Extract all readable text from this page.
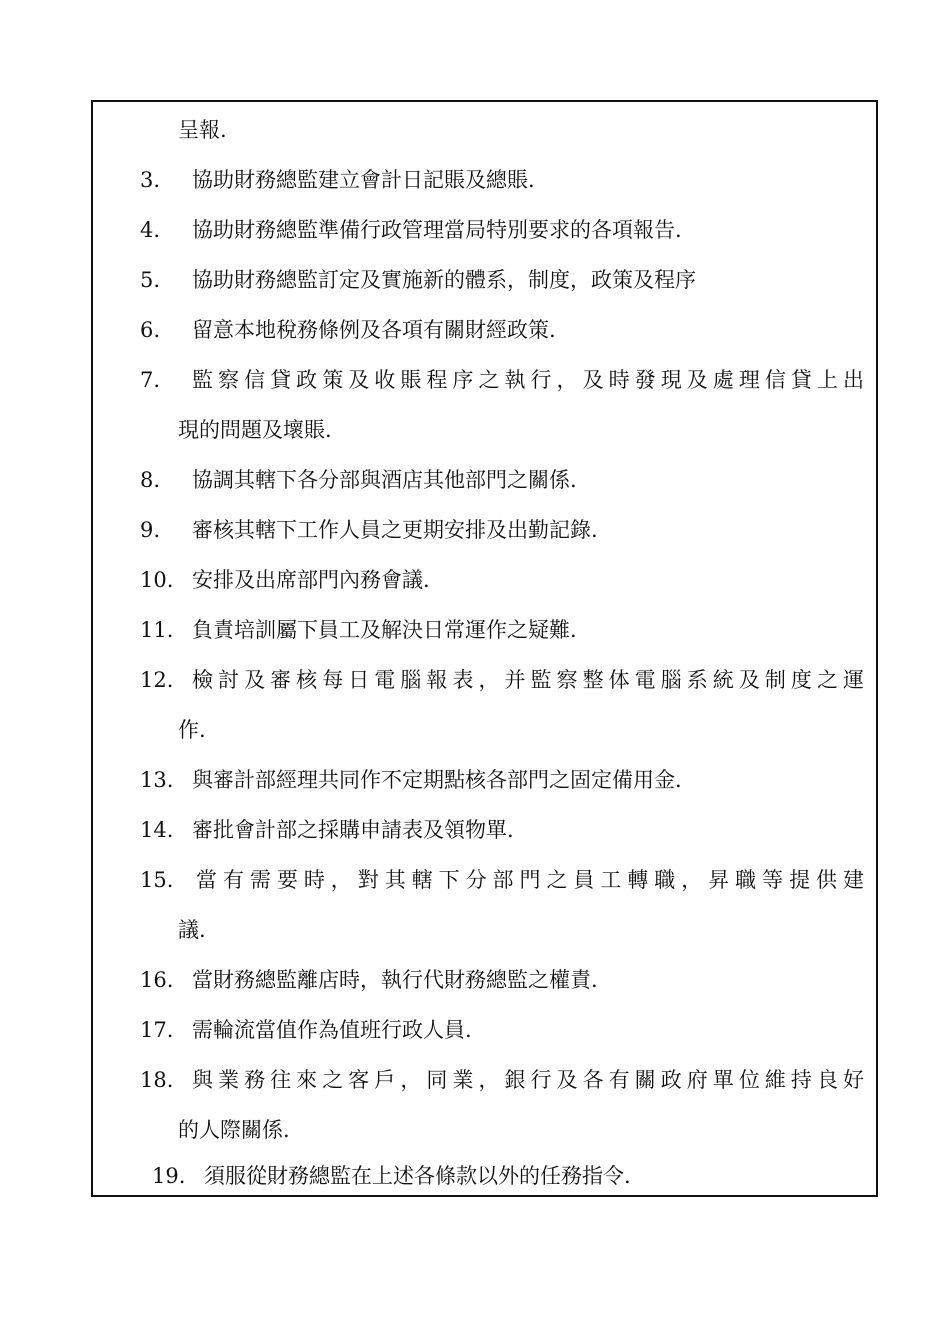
呈報.
3. 協助財務總監建立會計日記賬及總賬.
4. 協助財務總監準備行政管理當局特別要求的各項報告.
5. 協助財務總監訂定及實施新的體系，制度，政策及程序
6. 留意本地稅務條例及各項有關財經政策.
7. 監察信貸政策及收賬程序之執行，及時發現及處理信貸上出
現的問題及壞賬.
8. 協調其轄下各分部與酒店其他部門之關係.
9. 審核其轄下工作人員之更期安排及出勤記錄.
10. 安排及出席部門內務會議.
11. 負責培訓屬下員工及解決日常運作之疑難.
12. 檢討及審核每日電腦報表，并監察整体電腦系統及制度之運
作.
13. 與審計部經理共同作不定期點核各部門之固定備用金.
14. 審批會計部之採購申請表及領物單.
15. 當有需要時，對其轄下分部門之員工轉職，昇職等提供建
議.
16. 當財務總監離店時，執行代財務總監之權責.
17. 需輪流當值作為值班行政人員.
18. 與業務往來之客戶，同業，銀行及各有關政府單位維持良好
的人際關係.
19. 須服從財務總監在上述各條款以外的任務指令.
